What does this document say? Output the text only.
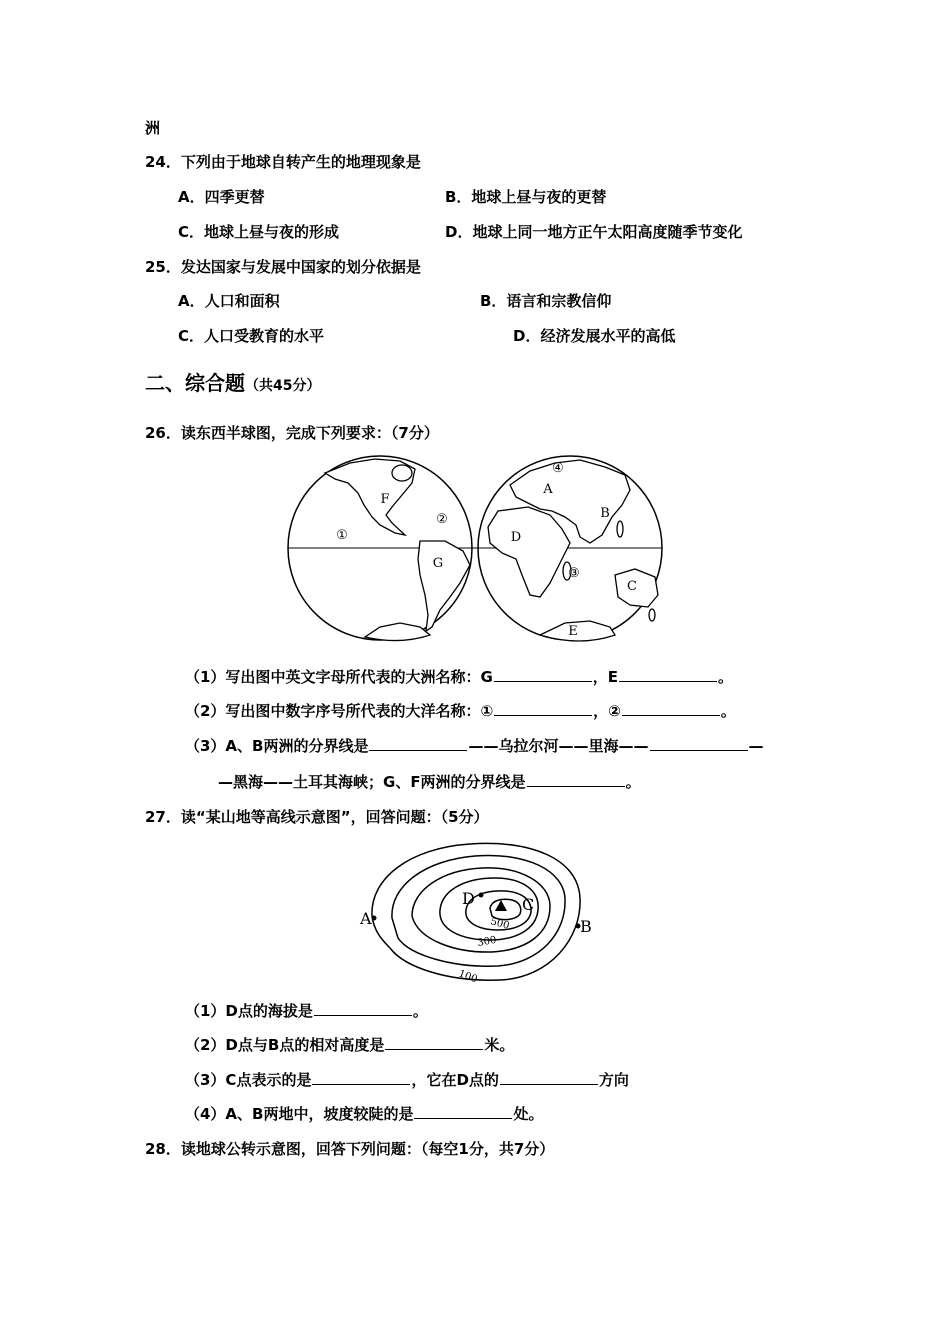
洲
24．下列由于地球自转产生的地理现象是
A．四季更替	B．地球上昼与夜的更替
C．地球上昼与夜的形成	D．地球上同一地方正午太阳高度随季节变化
25．发达国家与发展中国家的划分依据是
A．人口和面积	B．语言和宗教信仰
C．人口受教育的水平	D．经济发展水平的高低
二、综合题（共45分）
26．读东西半球图，完成下列要求：（7分）
F
②
①
G
④
A
B
D
③
C
E
（1）写出图中英文字母所代表的大洲名称：G	，E	。
（2）写出图中数字序号所代表的大洋名称：①	，②	。
（3）A、B两洲的分界线是	——乌拉尔河——里海——	—
—黑海——土耳其海峡；G、F两洲的分界线是	。
27．读“某山地等高线示意图”，回答问题：（5分）
A	B
C
D
500
300
100
（1）D点的海拔是	。
（2）D点与B点的相对高度是	米。
（3）C点表示的是	，它在D点的	方向
（4）A、B两地中，坡度较陡的是	处。
28．读地球公转示意图，回答下列问题：（每空1分，共7分）
